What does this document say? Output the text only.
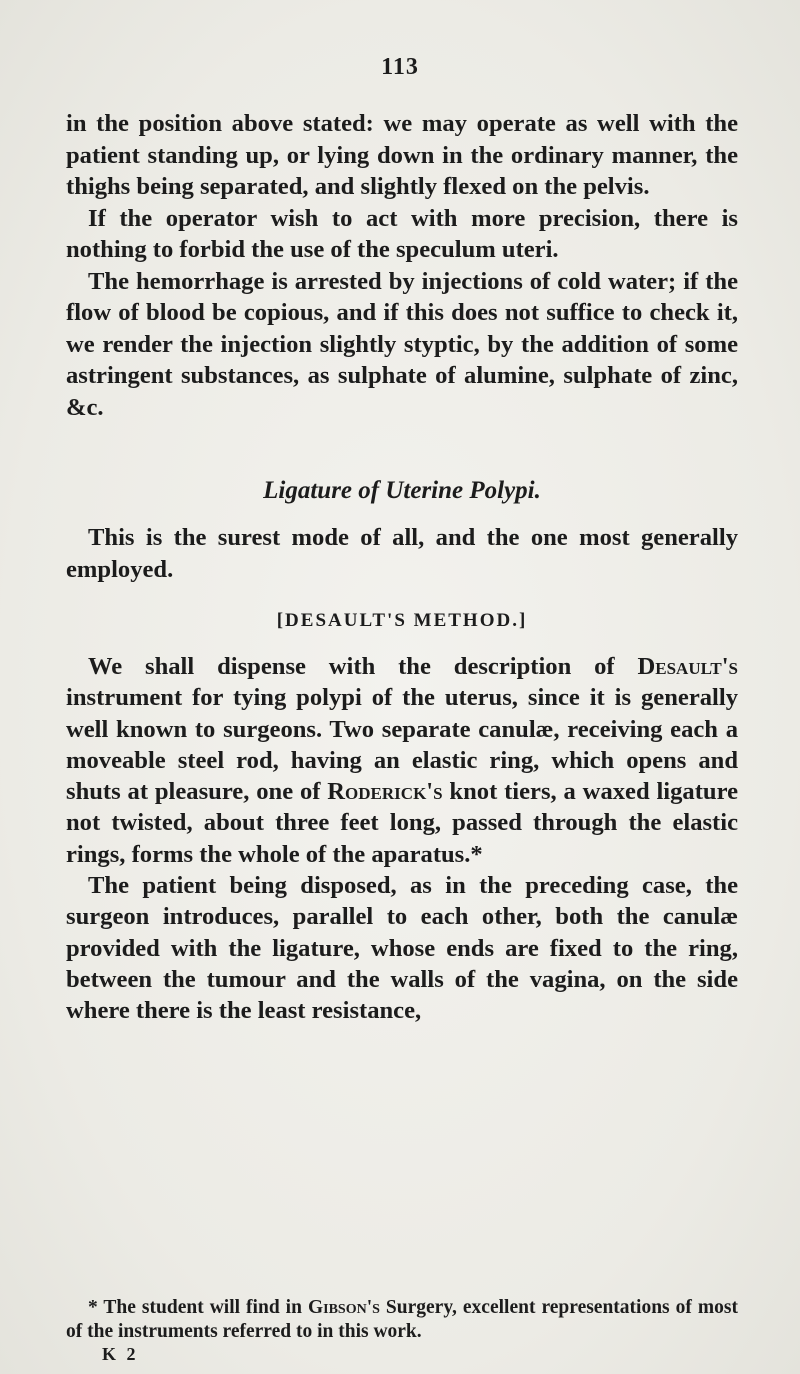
113

in the position above stated: we may operate as well with the patient standing up, or lying down in the ordinary manner, the thighs being separated, and slightly flexed on the pelvis.

If the operator wish to act with more precision, there is nothing to forbid the use of the speculum uteri.

The hemorrhage is arrested by injections of cold water; if the flow of blood be copious, and if this does not suffice to check it, we render the injection slightly styptic, by the addition of some astringent substances, as sulphate of alumine, sulphate of zinc, &c.

Ligature of Uterine Polypi.

This is the surest mode of all, and the one most generally employed.

[DESAULT'S METHOD.]

We shall dispense with the description of Desault's instrument for tying polypi of the uterus, since it is generally well known to surgeons. Two separate canulæ, receiving each a moveable steel rod, having an elastic ring, which opens and shuts at pleasure, one of Roderick's knot tiers, a waxed ligature not twisted, about three feet long, passed through the elastic rings, forms the whole of the aparatus.*

The patient being disposed, as in the preceding case, the surgeon introduces, parallel to each other, both the canulæ provided with the ligature, whose ends are fixed to the ring, between the tumour and the walls of the vagina, on the side where there is the least resistance,

* The student will find in Gibson's Surgery, excellent representations of most of the instruments referred to in this work.

K 2
